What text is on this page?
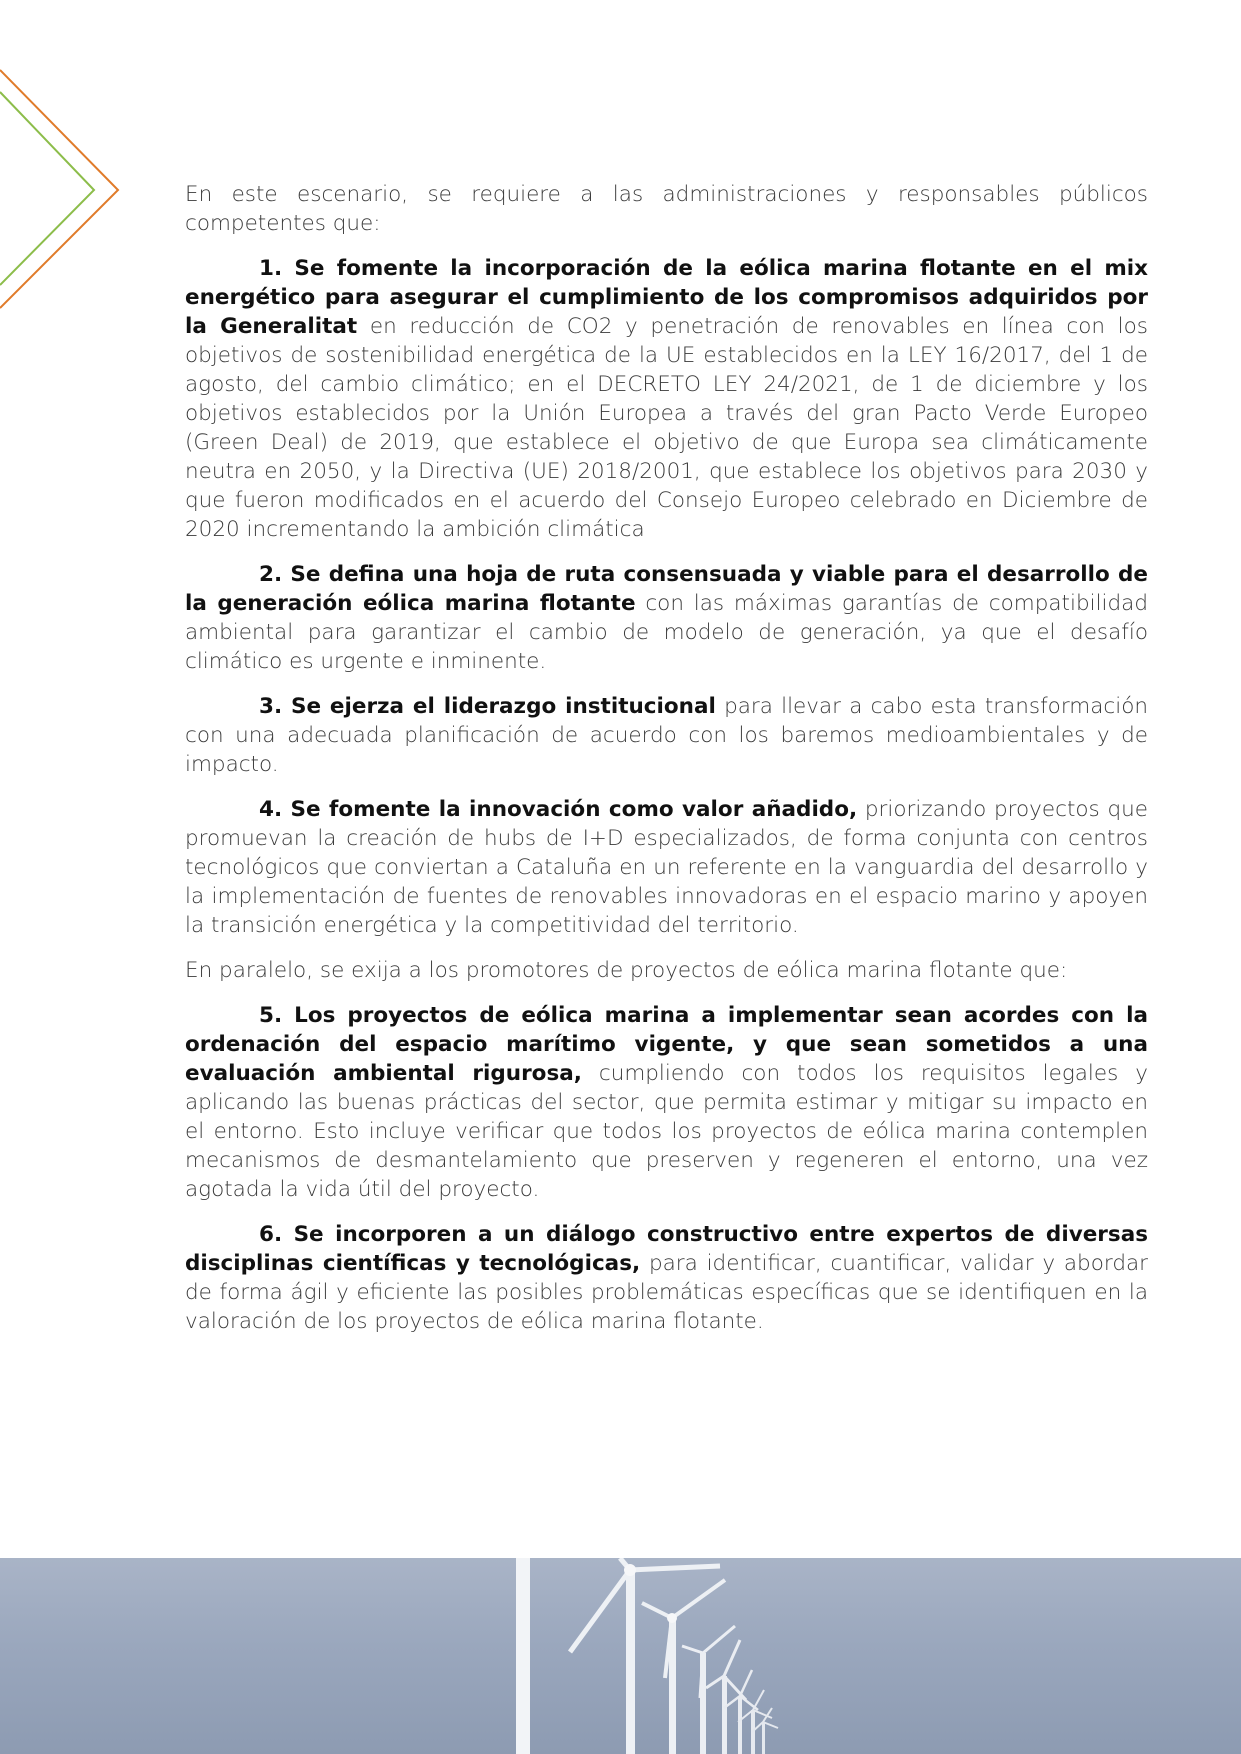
En este escenario, se requiere a las administraciones y responsables públicos competentes que:

1. Se fomente la incorporación de la eólica marina flotante en el mix energético para asegurar el cumplimiento de los compromisos adquiridos por la Generalitat en reducción de CO2 y penetración de renovables en línea con los objetivos de sostenibilidad energética de la UE establecidos en la LEY 16/2017, del 1 de agosto, del cambio climático; en el DECRETO LEY 24/2021, de 1 de diciembre y los objetivos establecidos por la Unión Europea a través del gran Pacto Verde Europeo (Green Deal) de 2019, que establece el objetivo de que Europa sea climáticamente neutra en 2050, y la Directiva (UE) 2018/2001, que establece los objetivos para 2030 y que fueron modificados en el acuerdo del Consejo Europeo celebrado en Diciembre de 2020 incrementando la ambición climática

2. Se defina una hoja de ruta consensuada y viable para el desarrollo de la generación eólica marina flotante con las máximas garantías de compatibilidad ambiental para garantizar el cambio de modelo de generación, ya que el desafío climático es urgente e inminente.

3. Se ejerza el liderazgo institucional para llevar a cabo esta transformación con una adecuada planificación de acuerdo con los baremos medioambientales y de impacto.

4. Se fomente la innovación como valor añadido, priorizando proyectos que promuevan la creación de hubs de I+D especializados, de forma conjunta con centros tecnológicos que conviertan a Cataluña en un referente en la vanguardia del desarrollo y la implementación de fuentes de renovables innovadoras en el espacio marino y apoyen la transición energética y la competitividad del territorio.

En paralelo, se exija a los promotores de proyectos de eólica marina flotante que:

5. Los proyectos de eólica marina a implementar sean acordes con la ordenación del espacio marítimo vigente, y que sean sometidos a una evaluación ambiental rigurosa, cumpliendo con todos los requisitos legales y aplicando las buenas prácticas del sector, que permita estimar y mitigar su impacto en el entorno. Esto incluye verificar que todos los proyectos de eólica marina contemplen mecanismos de desmantelamiento que preserven y regeneren el entorno, una vez agotada la vida útil del proyecto.

6. Se incorporen a un diálogo constructivo entre expertos de diversas disciplinas científicas y tecnológicas, para identificar, cuantificar, validar y abordar de forma ágil y eficiente las posibles problemáticas específicas que se identifiquen en la valoración de los proyectos de eólica marina flotante.
